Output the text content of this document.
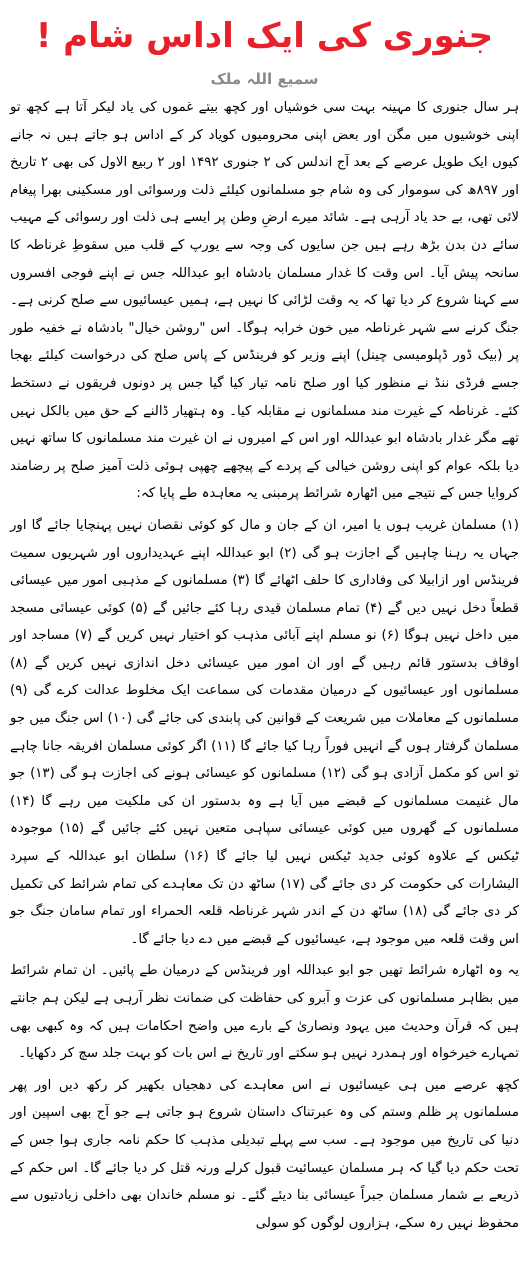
جنوری کی ایک اداس شام !
سمیع اللہ ملک

ہر سال جنوری کا مہینہ بہت سی خوشیاں اور کچھ بیتے غموں کی یاد لیکر آتا ہے کچھ تو اپنی خوشیوں میں مگن اور بعض اپنی محرومیوں کویاد کر کے اداس ہو جاتے ہیں نہ جانے کیوں ایک طویل عرصے کے بعد آج اندلس کی ۲ جنوری ۱۴۹۲ اور ۲ ربیع الاول کی بھی ۲ تاریخ اور ۸۹۷ھ کی سوموار کی وہ شام جو مسلمانوں کیلئے ذلت ورسوائی اور مسکینی بھرا پیغام لائی تھی، بے حد یاد آرہی ہے۔ شائد میرے ارضِ وطن پر ایسے ہی ذلت اور رسوائی کے مہیب سائے دن بدن بڑھ رہے ہیں جن سایوں کی وجہ سے یورپ کے قلب میں سقوطِ غرناطہ کا سانحہ پیش آیا۔ اس وقت کا غدار مسلمان بادشاہ ابو عبداللہ جس نے اپنے فوجی افسروں سے کہنا شروع کر دیا تھا کہ یہ وقت لڑائی کا نہیں ہے، ہمیں عیسائیوں سے صلح کرنی ہے۔ جنگ کرنے سے شہر غرناطہ میں خون خرابہ ہوگا۔ اس "روشن خیال" بادشاہ نے خفیہ طور پر (بیک ڈور ڈپلومیسی چینل) اپنے وزیر کو فرینڈس کے پاس صلح کی درخواست کیلئے بھجا جسے فرڈی ننڈ نے منظور کیا اور صلح نامہ تیار کیا گیا جس پر دونوں فریقوں نے دستخط کئے۔ غرناطہ کے غیرت مند مسلمانوں نے مقابلہ کیا۔ وہ ہتھیار ڈالنے کے حق میں بالکل نہیں تھے مگر غدار بادشاہ ابو عبداللہ اور اس کے امیروں نے ان غیرت مند مسلمانوں کا ساتھ نہیں دیا بلکہ عوام کو اپنی روشن خیالی کے پردے کے پیچھے چھپی ہوئی ذلت آمیز صلح پر رضامند کروایا جس کے نتیجے میں اٹھارہ شرائط پرمبنی یہ معاہدہ طے پایا کہ:

(۱) مسلمان غریب ہوں یا امیر، ان کے جان و مال کو کوئی نقصان نہیں پہنچایا جائے گا اور جہاں یہ رہنا چاہیں گے اجازت ہو گی (۲) ابو عبداللہ اپنے عہدیداروں اور شہریوں سمیت فرینڈس اور ازابیلا کی وفاداری کا حلف اٹھائے گا (۳) مسلمانوں کے مذہبی امور میں عیسائی قطعاً دخل نہیں دیں گے (۴) تمام مسلمان قیدی رہا کئے جائیں گے (۵) کوئی عیسائی مسجد میں داخل نہیں ہوگا (۶) نو مسلم اپنے آبائی مذہب کو اختیار نہیں کریں گے (۷) مساجد اور اوقاف بدستور قائم رہیں گے اور ان امور میں عیسائی دخل اندازی نہیں کریں گے (۸) مسلمانوں اور عیسائیوں کے درمیان مقدمات کی سماعت ایک مخلوط عدالت کرے گی (۹) مسلمانوں کے معاملات میں شریعت کے قوانین کی پابندی کی جائے گی (۱۰) اس جنگ میں جو مسلمان گرفتار ہوں گے انہیں فوراً رہا کیا جائے گا (۱۱) اگر کوئی مسلمان افریقہ جانا چاہے تو اس کو مکمل آزادی ہو گی (۱۲) مسلمانوں کو عیسائی ہونے کی اجازت ہو گی (۱۳) جو مال غنیمت مسلمانوں کے قبضے میں آیا ہے وہ بدستور ان کی ملکیت میں رہے گا (۱۴) مسلمانوں کے گھروں میں کوئی عیسائی سپاہی متعین نہیں کئے جائیں گے (۱۵) موجودہ ٹیکس کے علاوہ کوئی جدید ٹیکس نہیں لیا جائے گا (۱۶) سلطان ابو عبداللہ کے سپرد البشارات کی حکومت کر دی جائے گی (۱۷) ساٹھ دن تک معاہدے کی تمام شرائط کی تکمیل کر دی جائے گی (۱۸) ساٹھ دن کے اندر شہر غرناطہ قلعہ الحمراء اور تمام سامان جنگ جو اس وقت قلعہ میں موجود ہے، عیسائیوں کے قبضے میں دے دیا جائے گا۔

یہ وہ اٹھارہ شرائط تھیں جو ابو عبداللہ اور فرینڈس کے درمیان طے پائیں۔ ان تمام شرائط میں بظاہر مسلمانوں کی عزت و آبرو کی حفاظت کی ضمانت نظر آرہی ہے لیکن ہم جانتے ہیں کہ قرآن وحدیث میں یہود ونصاریٰ کے بارے میں واضح احکامات ہیں کہ وہ کبھی بھی تمہارے خیرخواہ اور ہمدرد نہیں ہو سکتے اور تاریخ نے اس بات کو بہت جلد سچ کر دکھایا۔

کچھ عرصے میں ہی عیسائیوں نے اس معاہدے کی دھجیاں بکھیر کر رکھ دیں اور پھر مسلمانوں پر ظلم وستم کی وہ عبرتناک داستان شروع ہو جاتی ہے جو آج بھی اسپین اور دنیا کی تاریخ میں موجود ہے۔ سب سے پہلے تبدیلی مذہب کا حکم نامہ جاری ہوا جس کے تحت حکم دیا گیا کہ ہر مسلمان عیسائیت قبول کرلے ورنہ قتل کر دیا جائے گا۔ اس حکم کے ذریعے بے شمار مسلمان جبراً عیسائی بنا دیئے گئے۔ نو مسلم خاندان بھی داخلی زیادتیوں سے محفوظ نہیں رہ سکے، ہزاروں لوگوں کو سولی
